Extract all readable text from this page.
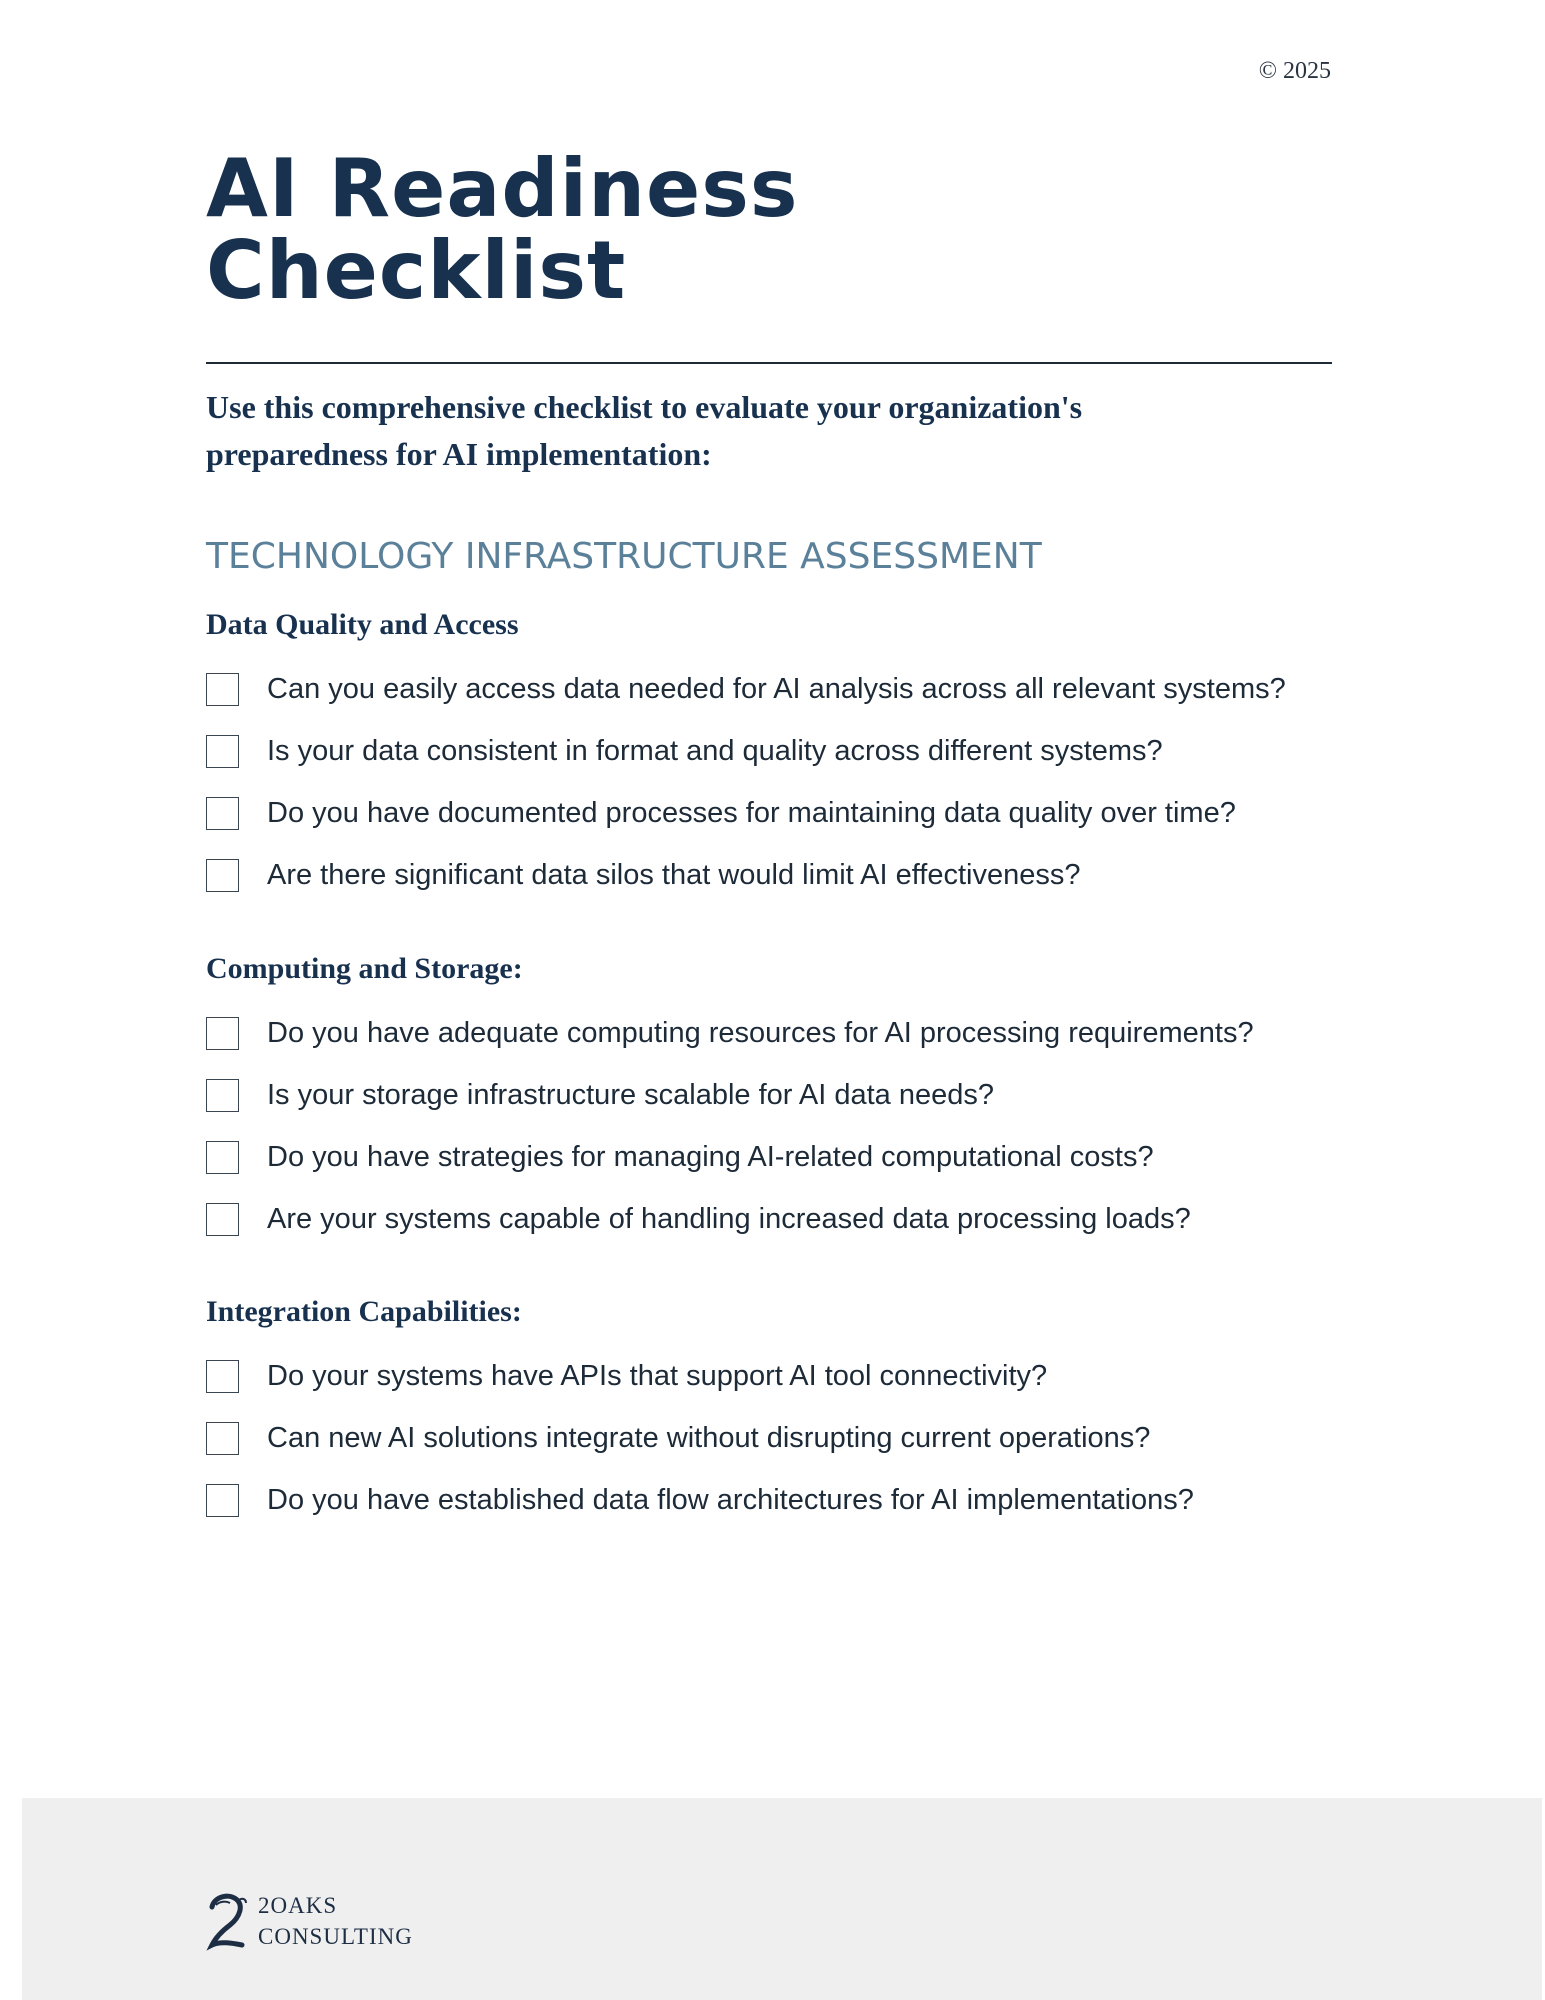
© 2025
AI Readiness
Checklist

Use this comprehensive checklist to evaluate your organization's preparedness for AI implementation:

TECHNOLOGY INFRASTRUCTURE ASSESSMENT
Data Quality and Access
Can you easily access data needed for AI analysis across all relevant systems?
Is your data consistent in format and quality across different systems?
Do you have documented processes for maintaining data quality over time?
Are there significant data silos that would limit AI effectiveness?
Computing and Storage:
Do you have adequate computing resources for AI processing requirements?
Is your storage infrastructure scalable for AI data needs?
Do you have strategies for managing AI-related computational costs?
Are your systems capable of handling increased data processing loads?
Integration Capabilities:
Do your systems have APIs that support AI tool connectivity?
Can new AI solutions integrate without disrupting current operations?
Do you have established data flow architectures for AI implementations?
2OAKS
CONSULTING
